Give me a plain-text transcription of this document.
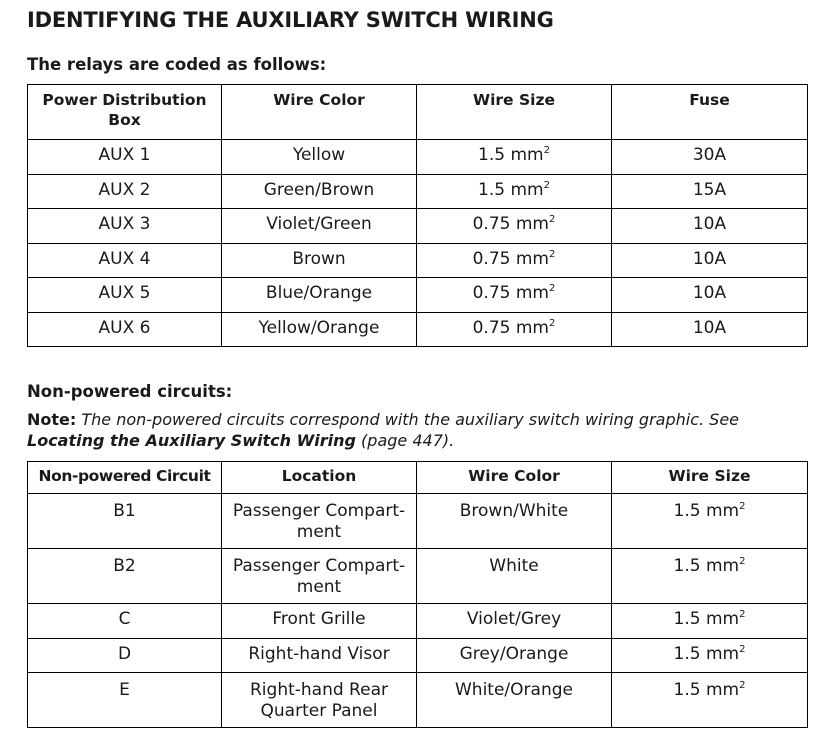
IDENTIFYING THE AUXILIARY SWITCH WIRING
The relays are coded as follows:
Power Distribution Box	Wire Color	Wire Size	Fuse
AUX 1	Yellow	1.5 $mm^2$	30A
AUX 2	Green/Brown	1.5 $mm^2$	15A
AUX 3	Violet/Green	0.75 $mm^2$	10A
AUX 4	Brown	0.75 $mm^2$	10A
AUX 5	Blue/Orange	0.75 $mm^2$	10A
AUX 6	Yellow/Orange	0.75 $mm^2$	10A
Non-powered circuits:

Note: The non-powered circuits correspond with the auxiliary switch wiring graphic. See Locating the Auxiliary Switch Wiring (page 447).

Non-powered Circuit	Location	Wire Color	Wire Size
B1	Passenger Compart-ment	Brown/White	1.5 $mm^2$
B2	Passenger Compart-ment	White	1.5 $mm^2$
C	Front Grille	Violet/Grey	1.5 $mm^2$
D	Right-hand Visor	Grey/Orange	1.5 $mm^2$
E	Right-hand Rear Quarter Panel	White/Orange	1.5 $mm^2$
